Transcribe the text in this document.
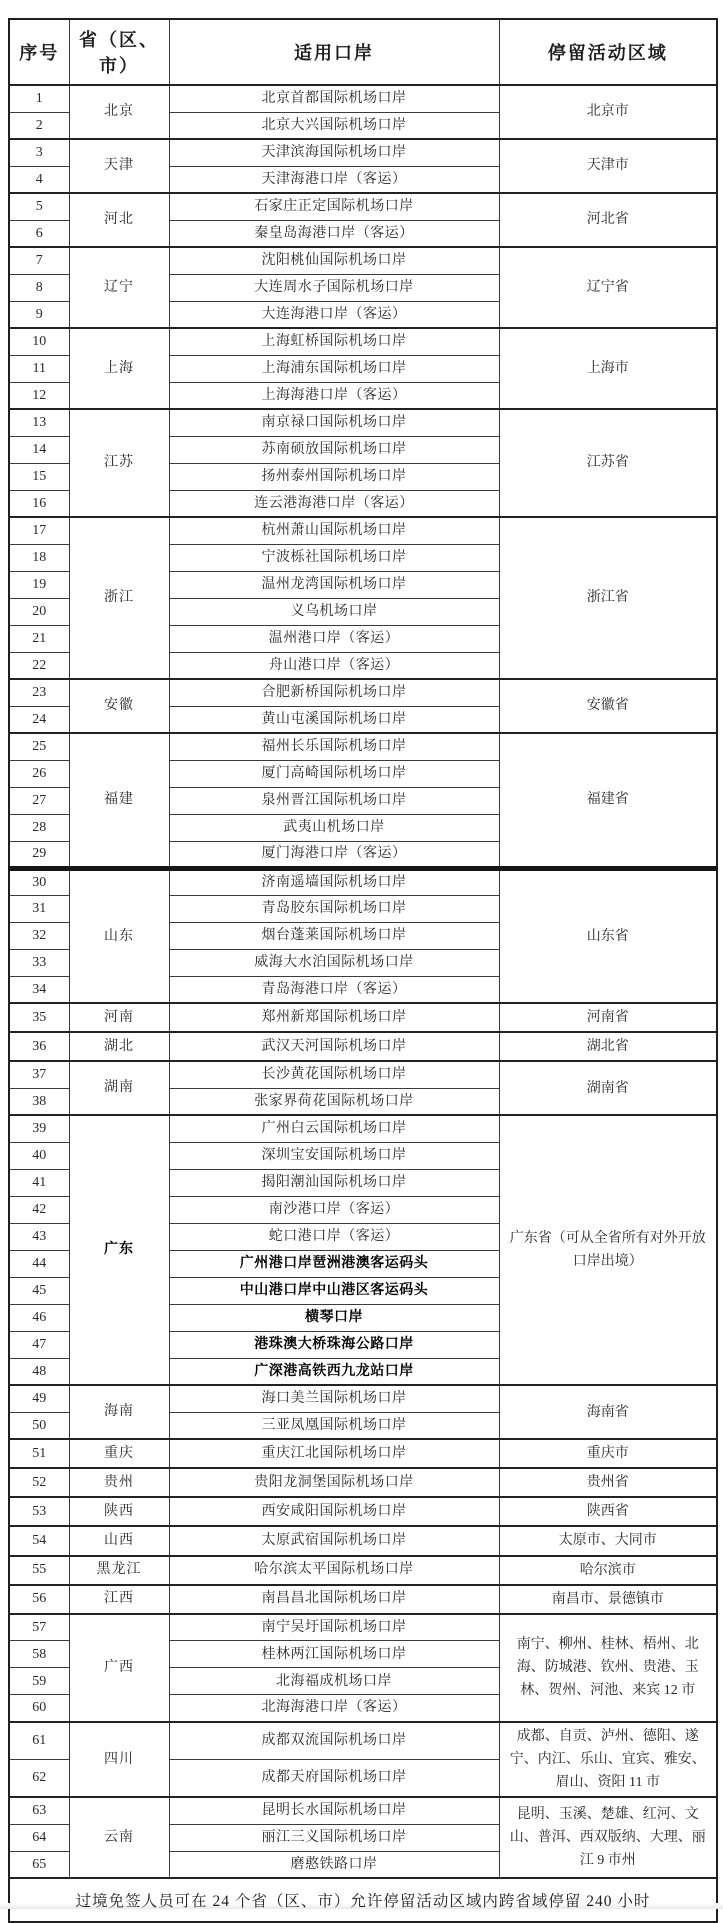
序号	省（区、市）	适用口岸	停留活动区域
1	北京	北京首都国际机场口岸	北京市
2		北京大兴国际机场口岸	
3	天津	天津滨海国际机场口岸	天津市
4		天津海港口岸（客运）	
5	河北	石家庄正定国际机场口岸	河北省
6		秦皇岛海港口岸（客运）	
7	辽宁	沈阳桃仙国际机场口岸	辽宁省
8		大连周水子国际机场口岸	
9		大连海港口岸（客运）	
10	上海	上海虹桥国际机场口岸	上海市
11		上海浦东国际机场口岸	
12		上海海港口岸（客运）	
13	江苏	南京禄口国际机场口岸	江苏省
14		苏南硕放国际机场口岸	
15		扬州泰州国际机场口岸	
16		连云港海港口岸（客运）	
17	浙江	杭州萧山国际机场口岸	浙江省
18		宁波栎社国际机场口岸	
19		温州龙湾国际机场口岸	
20		义乌机场口岸	
21		温州港口岸（客运）	
22		舟山港口岸（客运）	
23	安徽	合肥新桥国际机场口岸	安徽省
24		黄山屯溪国际机场口岸	
25	福建	福州长乐国际机场口岸	福建省
26		厦门高崎国际机场口岸	
27		泉州晋江国际机场口岸	
28		武夷山机场口岸	
29		厦门海港口岸（客运）	
30	山东	济南遥墙国际机场口岸	山东省
31		青岛胶东国际机场口岸	
32		烟台蓬莱国际机场口岸	
33		威海大水泊国际机场口岸	
34		青岛海港口岸（客运）	
35	河南	郑州新郑国际机场口岸	河南省
36	湖北	武汉天河国际机场口岸	湖北省
37	湖南	长沙黄花国际机场口岸	湖南省
38		张家界荷花国际机场口岸	
39	广东	广州白云国际机场口岸	广东省（可从全省所有对外开放口岸出境）
40		深圳宝安国际机场口岸	
41		揭阳潮汕国际机场口岸	
42		南沙港口岸（客运）	
43		蛇口港口岸（客运）	
44		广州港口岸琶洲港澳客运码头	
45		中山港口岸中山港区客运码头	
46		横琴口岸	
47		港珠澳大桥珠海公路口岸	
48		广深港高铁西九龙站口岸	
49	海南	海口美兰国际机场口岸	海南省
50		三亚凤凰国际机场口岸	
51	重庆	重庆江北国际机场口岸	重庆市
52	贵州	贵阳龙洞堡国际机场口岸	贵州省
53	陕西	西安咸阳国际机场口岸	陕西省
54	山西	太原武宿国际机场口岸	太原市、大同市
55	黑龙江	哈尔滨太平国际机场口岸	哈尔滨市
56	江西	南昌昌北国际机场口岸	南昌市、景德镇市
57	广西	南宁吴圩国际机场口岸	南宁、柳州、桂林、梧州、北海、防城港、钦州、贵港、玉林、贺州、河池、来宾 12 市
58		桂林两江国际机场口岸	
59		北海福成机场口岸	
60		北海海港口岸（客运）	
61	四川	成都双流国际机场口岸	成都、自贡、泸州、德阳、遂宁、内江、乐山、宜宾、雅安、眉山、资阳 11 市
62		成都天府国际机场口岸	
63	云南	昆明长水国际机场口岸	昆明、玉溪、楚雄、红河、文山、普洱、西双版纳、大理、丽江 9 市州
64		丽江三义国际机场口岸	
65		磨憨铁路口岸	
过境免签人员可在 24 个省（区、市）允许停留活动区域内跨省域停留 240 小时			
